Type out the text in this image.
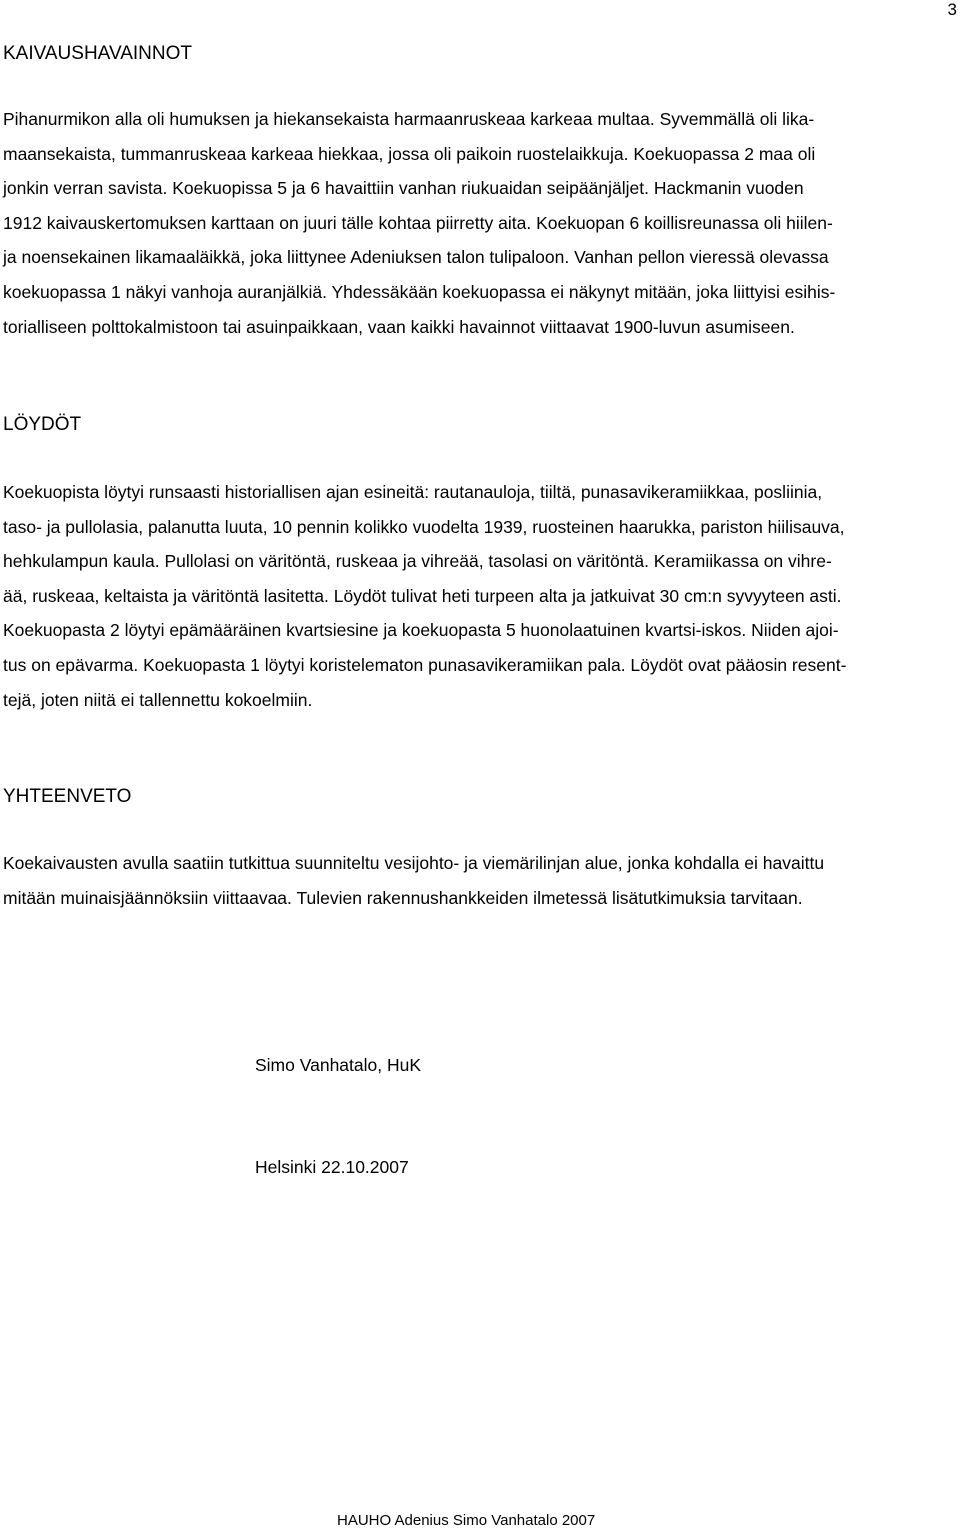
3
KAIVAUSHAVAINNOT
Pihanurmikon alla oli humuksen ja hiekansekaista harmaanruskeaa karkeaa multaa. Syvemmällä oli lika-
maansekaista, tummanruskeaa karkeaa hiekkaa, jossa oli paikoin ruostelaikkuja. Koekuopassa 2 maa oli
jonkin verran savista. Koekuopissa 5 ja 6 havaittiin vanhan riukuaidan seipäänjäljet. Hackmanin vuoden
1912 kaivauskertomuksen karttaan on juuri tälle kohtaa piirretty aita. Koekuopan 6 koillisreunassa oli hiilen-
ja noensekainen likamaaläikkä, joka liittynee Adeniuksen talon tulipaloon. Vanhan pellon vieressä olevassa
koekuopassa 1 näkyi vanhoja auranjälkiä. Yhdessäkään koekuopassa ei näkynyt mitään, joka liittyisi esihis-
torialliseen polttokalmistoon tai asuinpaikkaan, vaan kaikki havainnot viittaavat 1900-luvun asumiseen.
LÖYDÖT
Koekuopista löytyi runsaasti historiallisen ajan esineitä: rautanauloja, tiiltä, punasavikeramiikkaa, posliinia,
taso- ja pullolasia, palanutta luuta, 10 pennin kolikko vuodelta 1939, ruosteinen haarukka, pariston hiilisauva,
hehkulampun kaula. Pullolasi on väritöntä, ruskeaa ja vihreää, tasolasi on väritöntä. Keramiikassa on vihre-
ää, ruskeaa, keltaista ja väritöntä lasitetta. Löydöt tulivat heti turpeen alta ja jatkuivat 30 cm:n syvyyteen asti.
Koekuopasta 2 löytyi epämääräinen kvartsiesine ja koekuopasta 5 huonolaatuinen kvartsi-iskos. Niiden ajoi-
tus on epävarma. Koekuopasta 1 löytyi koristelematon punasavikeramiikan pala. Löydöt ovat pääosin resent-
tejä, joten niitä ei tallennettu kokoelmiin.
YHTEENVETO
Koekaivausten avulla saatiin tutkittua suunniteltu vesijohto- ja viemärilinjan alue, jonka kohdalla ei havaittu
mitään muinaisjäännöksiin viittaavaa. Tulevien rakennushankkeiden ilmetessä lisätutkimuksia tarvitaan.

Simo Vanhatalo, HuK

Helsinki 22.10.2007

HAUHO Adenius Simo Vanhatalo 2007
